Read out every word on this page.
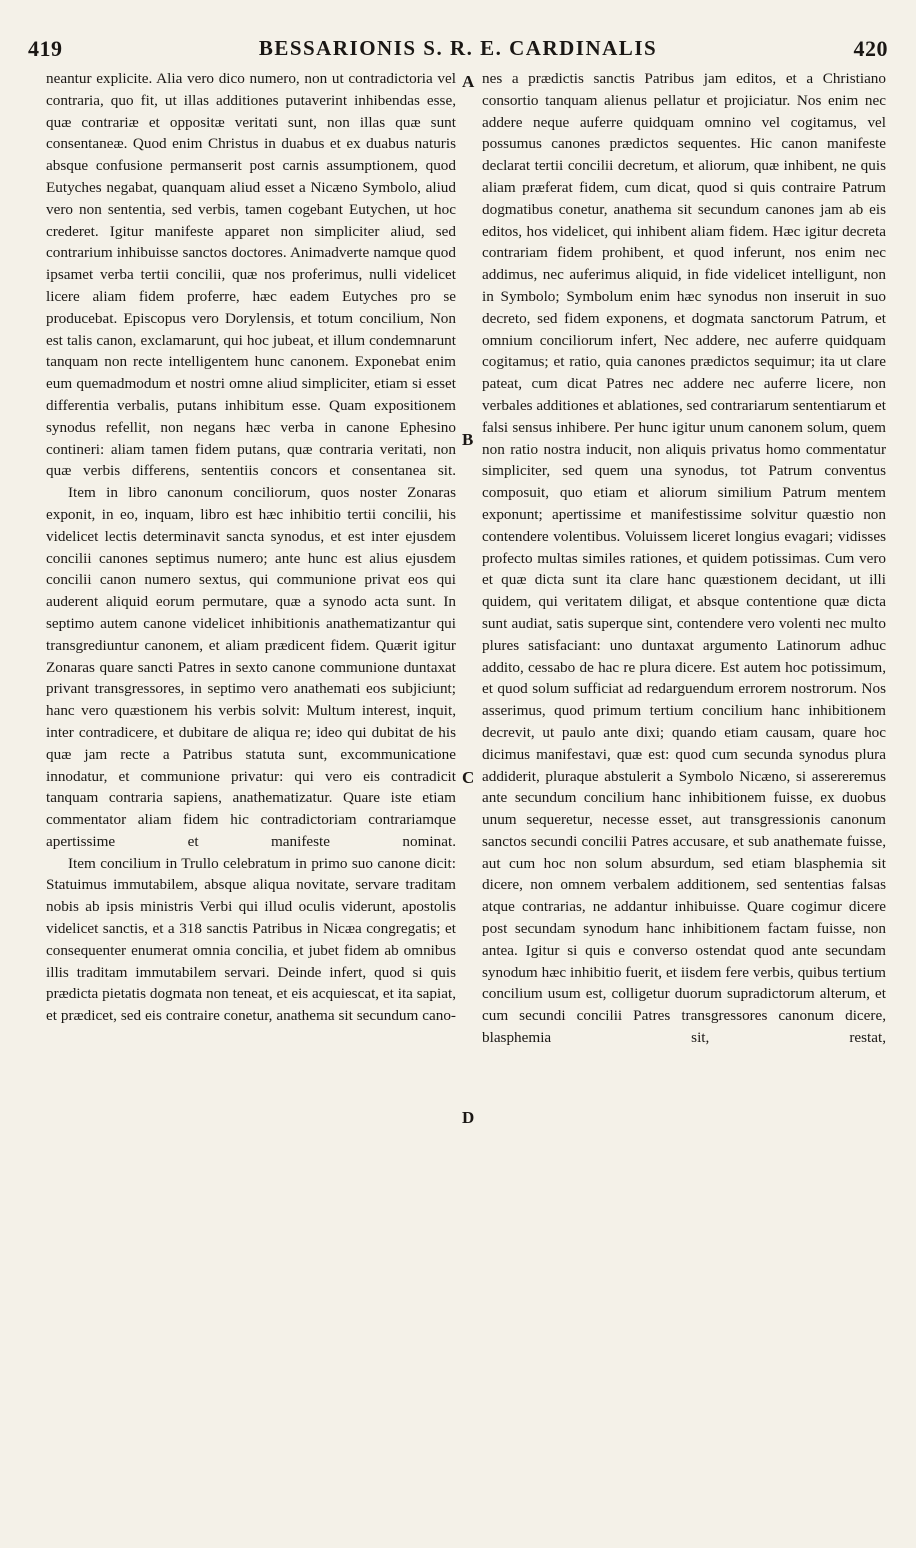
419	BESSARIONIS S. R. E. CARDINALIS	420

neantur explicite. Alia vero dico numero, non ut contradictoria vel contraria, quo fit, ut illas additiones putaverint inhibendas esse, quæ contrariæ et oppositæ veritati sunt, non illas quæ sunt consentaneæ. Quod enim Christus in duabus et ex duabus naturis absque confusione permanserit post carnis assumptionem, quod Eutyches negabat, quanquam aliud esset a Nicæno Symbolo, aliud vero non sententia, sed verbis, tamen cogebant Eutychen, ut hoc crederet. Igitur manifeste apparet non simpliciter aliud, sed contrarium inhibuisse sanctos doctores. Animadverte namque quod ipsamet verba tertii concilii, quæ nos proferimus, nulli videlicet licere aliam fidem proferre, hæc eadem Eutyches pro se producebat. Episcopus vero Dorylensis, et totum concilium, Non est talis canon, exclamarunt, qui hoc jubeat, et illum condemnarunt tanquam non recte intelligentem hunc canonem. Exponebat enim eum quemadmodum et nostri omne aliud simpliciter, etiam si esset differentia verbalis, putans inhibitum esse. Quam expositionem synodus refellit, non negans hæc verba in canone Ephesino contineri: aliam tamen fidem putans, quæ contraria veritati, non quæ verbis differens, sententiis concors et consentanea sit.

Item in libro canonum conciliorum, quos noster Zonaras exponit, in eo, inquam, libro est hæc inhibitio tertii concilii, his videlicet lectis determinavit sancta synodus, et est inter ejusdem concilii canones septimus numero; ante hunc est alius ejusdem concilii canon numero sextus, qui communione privat eos qui auderent aliquid eorum permutare, quæ a synodo acta sunt. In septimo autem canone videlicet inhibitionis anathematizantur qui transgrediuntur canonem, et aliam prædicent fidem. Quærit igitur Zonaras quare sancti Patres in sexto canone communione duntaxat privant transgressores, in septimo vero anathemati eos subjiciunt; hanc vero quæstionem his verbis solvit: Multum interest, inquit, inter contradicere, et dubitare de aliqua re; ideo qui dubitat de his quæ jam recte a Patribus statuta sunt, excommunicatione innodatur, et communione privatur: qui vero eis contradicit tanquam contraria sapiens, anathematizatur. Quare iste etiam commentator aliam fidem hic contradictoriam contrariamque apertissime et manifeste nominat.

Item concilium in Trullo celebratum in primo suo canone dicit: Statuimus immutabilem, absque aliqua novitate, servare traditam nobis ab ipsis ministris Verbi qui illud oculis viderunt, apostolis videlicet sanctis, et a 318 sanctis Patribus in Nicæa congregatis; et consequenter enumerat omnia concilia, et jubet fidem ab omnibus illis traditam immutabilem servari. Deinde infert, quod si quis prædicta pietatis dogmata non teneat, et eis acquiescat, et ita sapiat, et prædicet, sed eis contraire conetur, anathema sit secundum cano-

A
B
C
D

nes a prædictis sanctis Patribus jam editos, et a Christiano consortio tanquam alienus pellatur et projiciatur. Nos enim nec addere neque auferre quidquam omnino vel cogitamus, vel possumus canones prædictos sequentes. Hic canon manifeste declarat tertii concilii decretum, et aliorum, quæ inhibent, ne quis aliam præferat fidem, cum dicat, quod si quis contraire Patrum dogmatibus conetur, anathema sit secundum canones jam ab eis editos, hos videlicet, qui inhibent aliam fidem. Hæc igitur decreta contrariam fidem prohibent, et quod inferunt, nos enim nec addimus, nec auferimus aliquid, in fide videlicet intelligunt, non in Symbolo; Symbolum enim hæc synodus non inseruit in suo decreto, sed fidem exponens, et dogmata sanctorum Patrum, et omnium conciliorum infert, Nec addere, nec auferre quidquam cogitamus; et ratio, quia canones prædictos sequimur; ita ut clare pateat, cum dicat Patres nec addere nec auferre licere, non verbales additiones et ablationes, sed contrariarum sententiarum et falsi sensus inhibere. Per hunc igitur unum canonem solum, quem non ratio nostra inducit, non aliquis privatus homo commentatur simpliciter, sed quem una synodus, tot Patrum conventus composuit, quo etiam et aliorum similium Patrum mentem exponunt; apertissime et manifestissime solvitur quæstio non contendere volentibus. Voluissem liceret longius evagari; vidisses profecto multas similes rationes, et quidem potissimas. Cum vero et quæ dicta sunt ita clare hanc quæstionem decidant, ut illi quidem, qui veritatem diligat, et absque contentione quæ dicta sunt audiat, satis superque sint, contendere vero volenti nec multo plures satisfaciant: uno duntaxat argumento Latinorum adhuc addito, cessabo de hac re plura dicere. Est autem hoc potissimum, et quod solum sufficiat ad redarguendum errorem nostrorum. Nos asserimus, quod primum tertium concilium hanc inhibitionem decrevit, ut paulo ante dixi; quando etiam causam, quare hoc dicimus manifestavi, quæ est: quod cum secunda synodus plura addiderit, pluraque abstulerit a Symbolo Nicæno, si assereremus ante secundum concilium hanc inhibitionem fuisse, ex duobus unum sequeretur, necesse esset, aut transgressionis canonum sanctos secundi concilii Patres accusare, et sub anathemate fuisse, aut cum hoc non solum absurdum, sed etiam blasphemia sit dicere, non omnem verbalem additionem, sed sententias falsas atque contrarias, ne addantur inhibuisse. Quare cogimur dicere post secundam synodum hanc inhibitionem factam fuisse, non antea. Igitur si quis e converso ostendat quod ante secundam synodum hæc inhibitio fuerit, et iisdem fere verbis, quibus tertium concilium usum est, colligetur duorum supradictorum alterum, et cum secundi concilii Patres transgressores canonum dicere, blasphemia sit, restat,
